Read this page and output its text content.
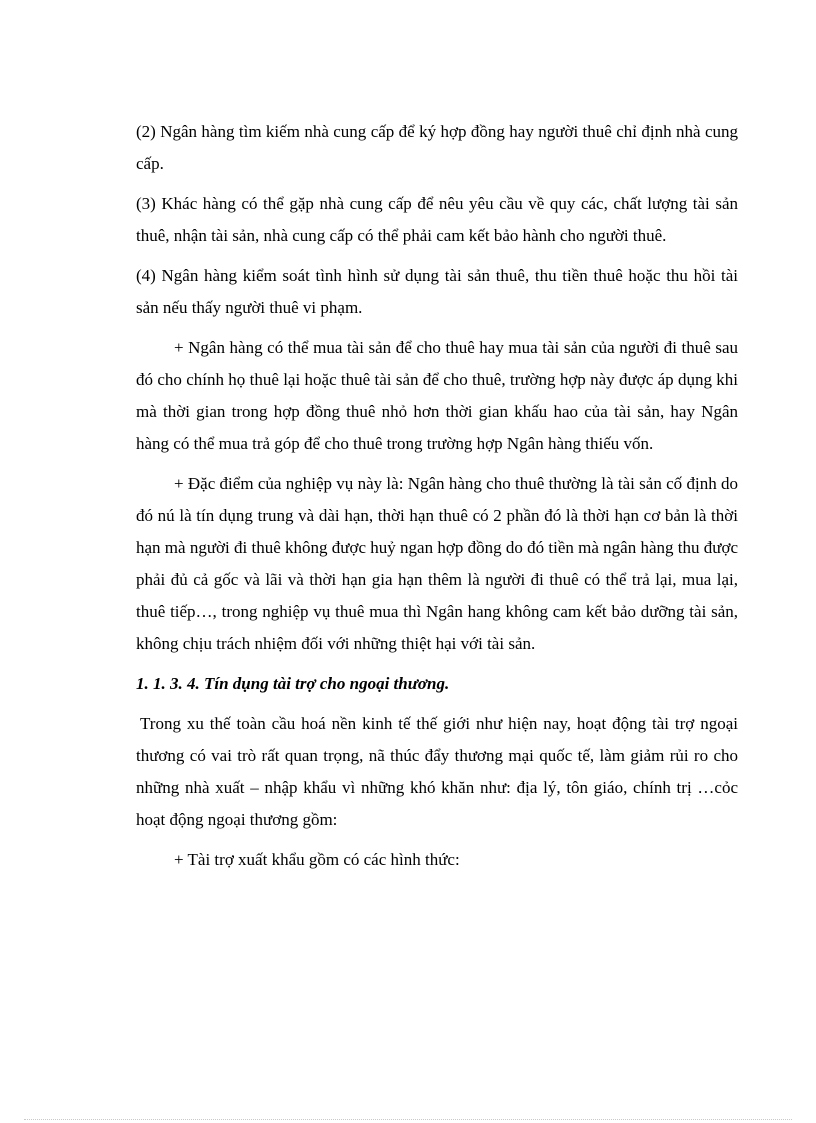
(2) Ngân hàng tìm kiếm nhà cung cấp để ký hợp đồng hay người thuê chỉ định nhà cung cấp.

(3) Khác hàng có thể gặp nhà cung cấp để nêu yêu cầu về quy các, chất lượng tài sản thuê, nhận tài sản, nhà cung cấp có thể phải cam kết bảo hành cho người thuê.

(4) Ngân hàng kiểm soát tình hình sử dụng tài sản thuê, thu tiền thuê hoặc thu hồi tài sản nếu thấy người thuê vi phạm.

+ Ngân hàng có thể mua tài sản để cho thuê hay mua tài sản của người đi thuê sau đó cho chính họ thuê lại hoặc thuê tài sản để cho thuê, trường hợp này được áp dụng khi mà thời gian trong hợp đồng thuê nhỏ hơn thời gian khấu hao của tài sản, hay Ngân hàng có thể mua trả góp để cho thuê trong trường hợp Ngân hàng thiếu vốn.

+ Đặc điểm của nghiệp vụ này là: Ngân hàng cho thuê thường là tài sản cố định do đó nú là tín dụng trung và dài hạn, thời hạn thuê có 2 phần đó là thời hạn cơ bản là thời hạn mà người đi thuê không được huỷ ngan hợp đồng do đó tiền mà ngân hàng thu được phải đủ cả gốc và lãi và thời hạn gia hạn thêm là người đi thuê có thể trả lại, mua lại, thuê tiếp…, trong nghiệp vụ thuê mua thì Ngân hang không cam kết bảo dưỡng tài sản, không chịu trách nhiệm đối với những thiệt hại với tài sản.

1. 1. 3. 4. Tín dụng tài trợ cho ngoại thương.

Trong xu thế toàn cầu hoá nền kinh tế thế giới như hiện nay, hoạt động tài trợ ngoại thương có vai trò rất quan trọng, nã thúc đẩy thương mại quốc tế, làm giảm rủi ro cho những nhà xuất – nhập khẩu vì những khó khăn như: địa lý, tôn giáo, chính trị …cỏc hoạt động ngoại thương gồm:

+ Tài trợ xuất khẩu gồm có các hình thức:
